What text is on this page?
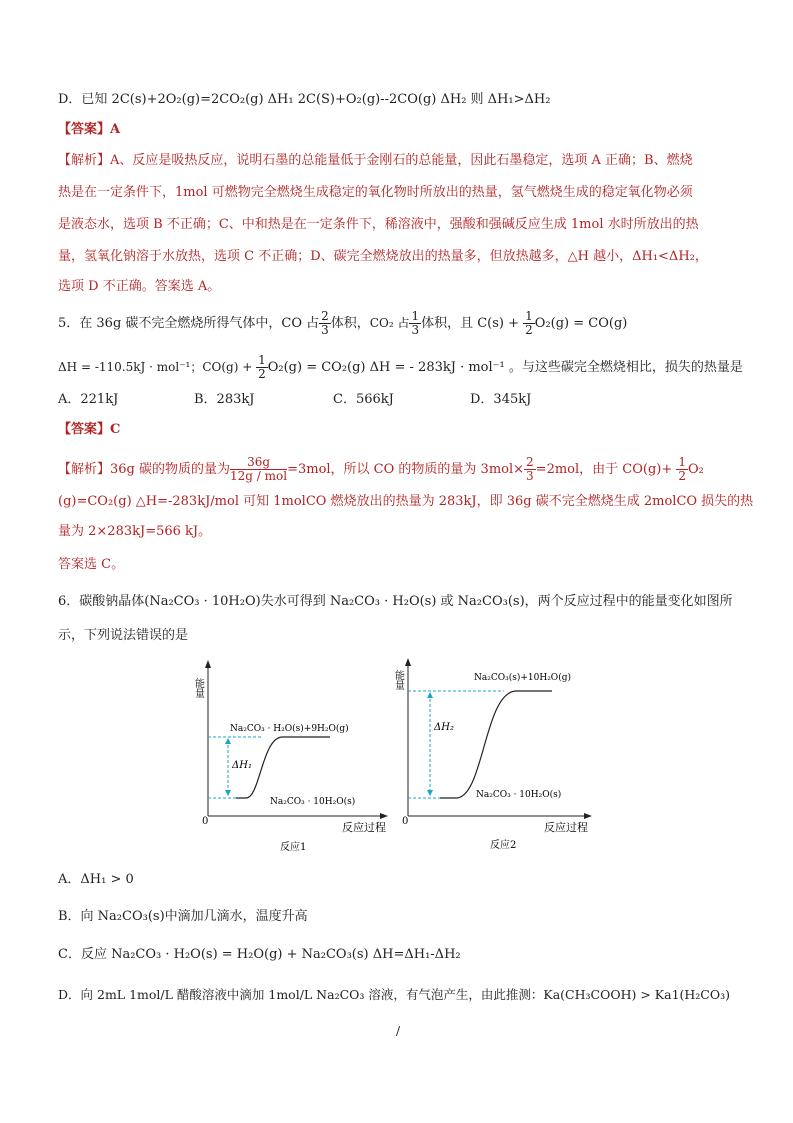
D．已知 2C(s)+2O₂(g)=2CO₂(g) ΔH₁ 2C(S)+O₂(g)--2CO(g) ΔH₂ 则 ΔH₁>ΔH₂
【答案】A
【解析】A、反应是吸热反应，说明石墨的总能量低于金刚石的总能量，因此石墨稳定，选项 A 正确；B、燃烧
热是在一定条件下，1mol 可燃物完全燃烧生成稳定的氧化物时所放出的热量，氢气燃烧生成的稳定氧化物必须
是液态水，选项 B 不正确；C、中和热是在一定条件下，稀溶液中，强酸和强碱反应生成 1mol 水时所放出的热
量，氢氧化钠溶于水放热，选项 C 不正确；D、碳完全燃烧放出的热量多，但放热越多，△H 越小，ΔH₁<ΔH₂，
选项 D 不正确。答案选 A。
5．在 36g 碳不完全燃烧所得气体中，CO 占 $\frac{2}{3}$ 体积，CO₂ 占 $\frac{1}{3}$ 体积，且 $C(s) + \frac{1}{2} O_2(g) = CO(g)$
ΔH = -110.5kJ · mol⁻¹；$CO(g) + \frac{1}{2} O_2(g) = CO_2(g) \Delta H$ = - 283kJ · mol⁻¹ 。与这些碳完全燃烧相比，损失的热量是
A．221kJ	B．283kJ	C．566kJ	D．345kJ
【答案】C
【解析】36g 碳的物质的量为 $\frac{36g}{\text{12g / mol}} =3mol$，所以 CO 的物质的量为 $3mol\times \frac{2}{3} =2mol$，由于 $CO(g)+ \frac{1}{2} O_2$
(g)=CO₂(g) △H=-283kJ/mol 可知 1molCO 燃烧放出的热量为 283kJ，即 36g 碳不完全燃烧生成 2molCO 损失的热
量为 2×283kJ=566 kJ。
答案选 C。
6．碳酸钠晶体(Na₂CO₃ · 10H₂O)失水可得到 Na₂CO₃ · H₂O(s) 或 Na₂CO₃(s)，两个反应过程中的能量变化如图所
示，下列说法错误的是
能量
0	反应过程
ΔH₁
Na₂CO₃ · H₂O(s)+9H₂O(g)
Na₂CO₃ · 10H₂O(s)
反应1
能量
0	反应过程
ΔH₂
Na₂CO₃(s)+10H₂O(g)
Na₂CO₃ · 10H₂O(s)
反应2
A．ΔH₁ > 0
B．向 Na₂CO₃(s)中滴加几滴水，温度升高
C．反应 Na₂CO₃ · H₂O(s) = H₂O(g) + Na₂CO₃(s) ΔH=ΔH₁-ΔH₂
D．向 2mL 1mol/L 醋酸溶液中滴加 1mol/L Na₂CO₃ 溶液，有气泡产生，由此推测：Ka(CH₃COOH) > Ka1(H₂CO₃)
/
